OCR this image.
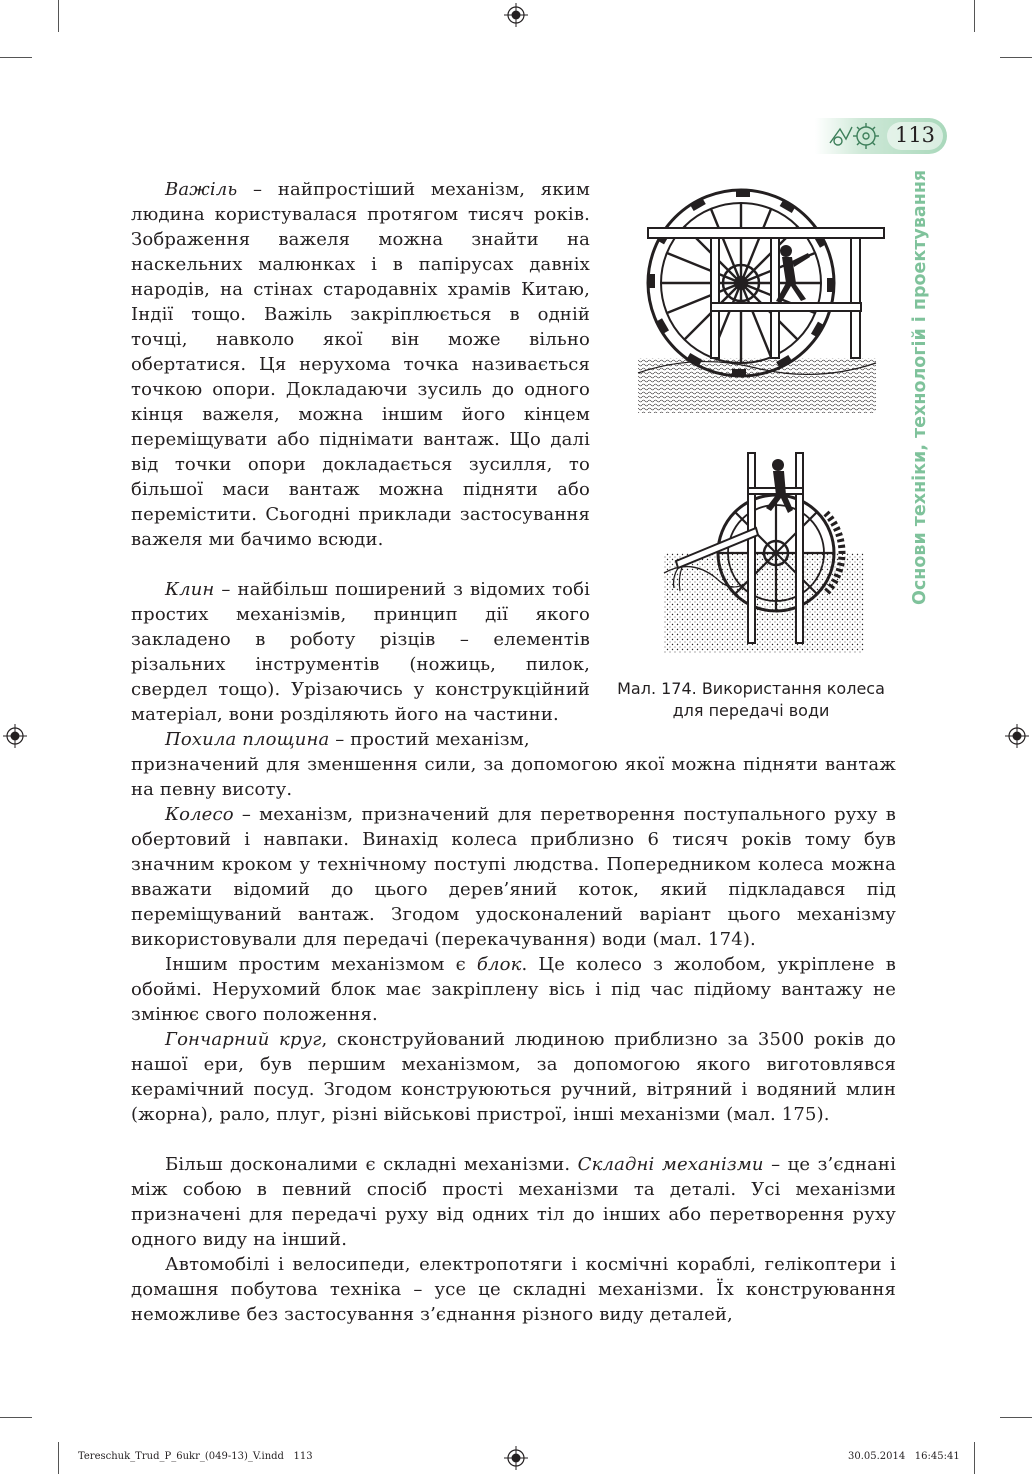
113
Основи техніки, технологій і проектування

Важіль – найпростіший механізм, яким людина користувалася протягом тисяч років. Зображення важеля можна знайти на наскельних малюнках і в папірусах давніх народів, на стінах стародавніх храмів Китаю, Індії тощо. Важіль закріплюється в одній точці, навколо якої він може вільно обертатися. Ця нерухома точка називається точкою опори. Докладаючи зусиль до одного кінця важеля, можна іншим його кінцем переміщувати або піднімати вантаж. Що далі від точки опори докладається зусилля, то більшої маси вантаж можна підняти або перемістити. Сьогодні приклади застосування важеля ми бачимо всюди.

Клин – найбільш поширений з відомих тобі простих механізмів, принцип дії якого закладено в роботу різців – елементів різальних інструментів (ножиць, пилок, свердел тощо). Урізаючись у конструкційний матеріал, вони розділяють його на частини.

Похила площина – простий механізм,

призначений для зменшення сили, за допомогою якої можна підняти вантаж на певну висоту.

Колесо – механізм, призначений для перетворення поступального руху в обертовий і навпаки. Винахід колеса приблизно 6 тисяч років тому був значним кроком у технічному поступі людства. Попередником колеса можна вважати відомий до цього дерев’яний коток, який підкладався під переміщуваний вантаж. Згодом удосконалений варіант цього механізму використовували для передачі (перекачування) води (мал. 174).

Іншим простим механізмом є блок. Це колесо з жолобом, укріплене в обоймі. Нерухомий блок має закріплену вісь і під час підйому вантажу не змінює свого положення.

Гончарний круг, сконструйований людиною приблизно за 3500 років до нашої ери, був першим механізмом, за допомогою якого виготовлявся керамічний посуд. Згодом конструюються ручний, вітряний і водяний млин (жорна), рало, плуг, різні військові пристрої, інші механізми (мал. 175).

Більш досконалими є складні механізми. Складні механізми – це з’єднані між собою в певний спосіб прості механізми та деталі. Усі механізми призначені для передачі руху від одних тіл до інших або перетворення руху одного виду на інший.

Автомобілі і велосипеди, електропотяги і космічні кораблі, гелікоптери і домашня побутова техніка – усе це складні механізми. Їх конструювання неможливе без застосування з’єднання різного виду деталей,

Мал. 174. Використання колеса
для передачі води
Tereschuk_Trud_P_6ukr_(049-13)_V.indd   113	30.05.2014   16:45:41
